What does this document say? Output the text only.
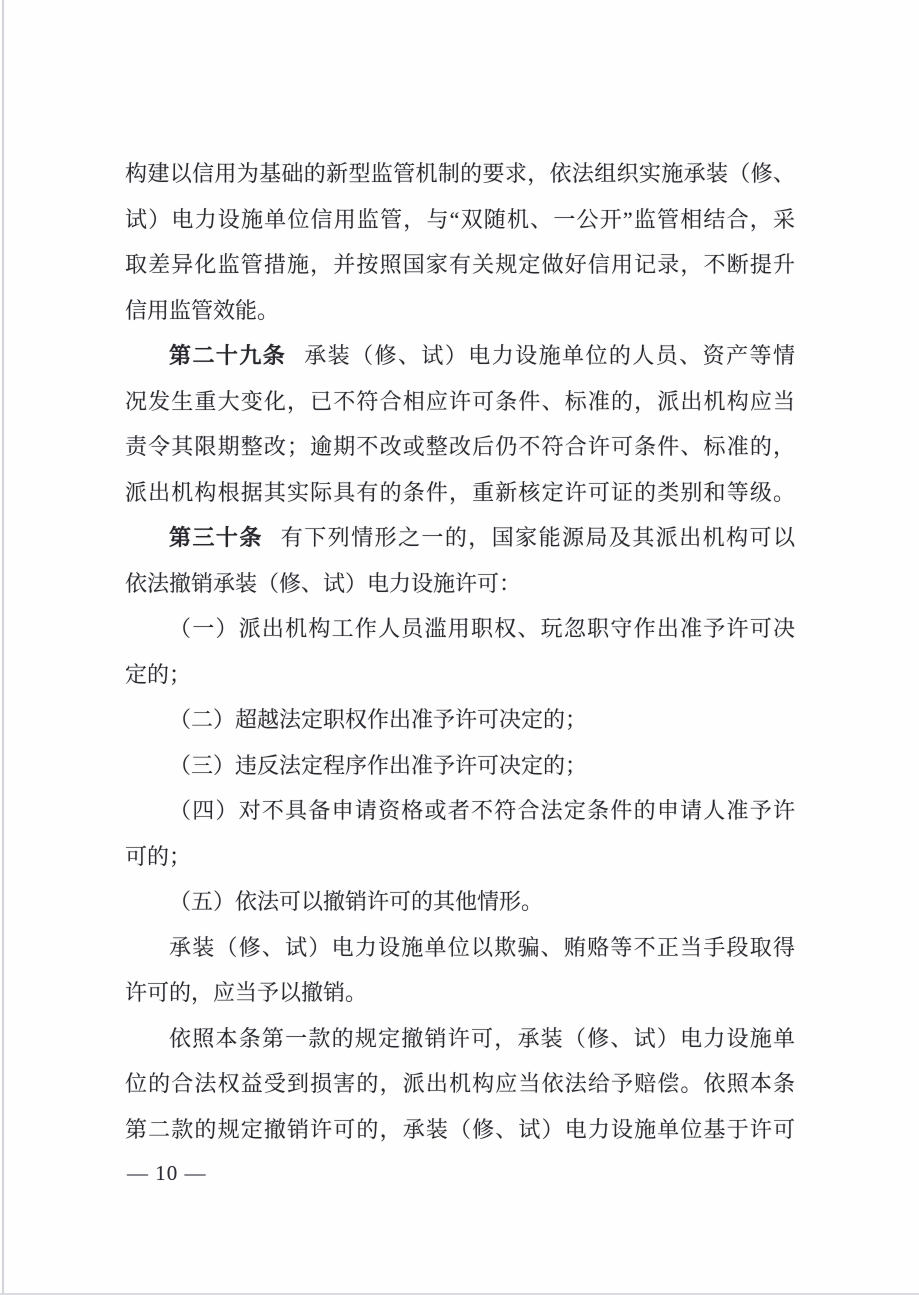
构建以信用为基础的新型监管机制的要求，依法组织实施承装（修、
试）电力设施单位信用监管，与“双随机、一公开”监管相结合，采
取差异化监管措施，并按照国家有关规定做好信用记录，不断提升
信用监管效能。

第二十九条 承装（修、试）电力设施单位的人员、资产等情
况发生重大变化，已不符合相应许可条件、标准的，派出机构应当
责令其限期整改；逾期不改或整改后仍不符合许可条件、标准的，
派出机构根据其实际具有的条件，重新核定许可证的类别和等级。

第三十条 有下列情形之一的，国家能源局及其派出机构可以
依法撤销承装（修、试）电力设施许可：

（一）派出机构工作人员滥用职权、玩忽职守作出准予许可决
定的；

（二）超越法定职权作出准予许可决定的；

（三）违反法定程序作出准予许可决定的；

（四）对不具备申请资格或者不符合法定条件的申请人准予许
可的；

（五）依法可以撤销许可的其他情形。

承装（修、试）电力设施单位以欺骗、贿赂等不正当手段取得
许可的，应当予以撤销。

依照本条第一款的规定撤销许可，承装（修、试）电力设施单
位的合法权益受到损害的，派出机构应当依法给予赔偿。依照本条
第二款的规定撤销许可的，承装（修、试）电力设施单位基于许可

— 10 —
